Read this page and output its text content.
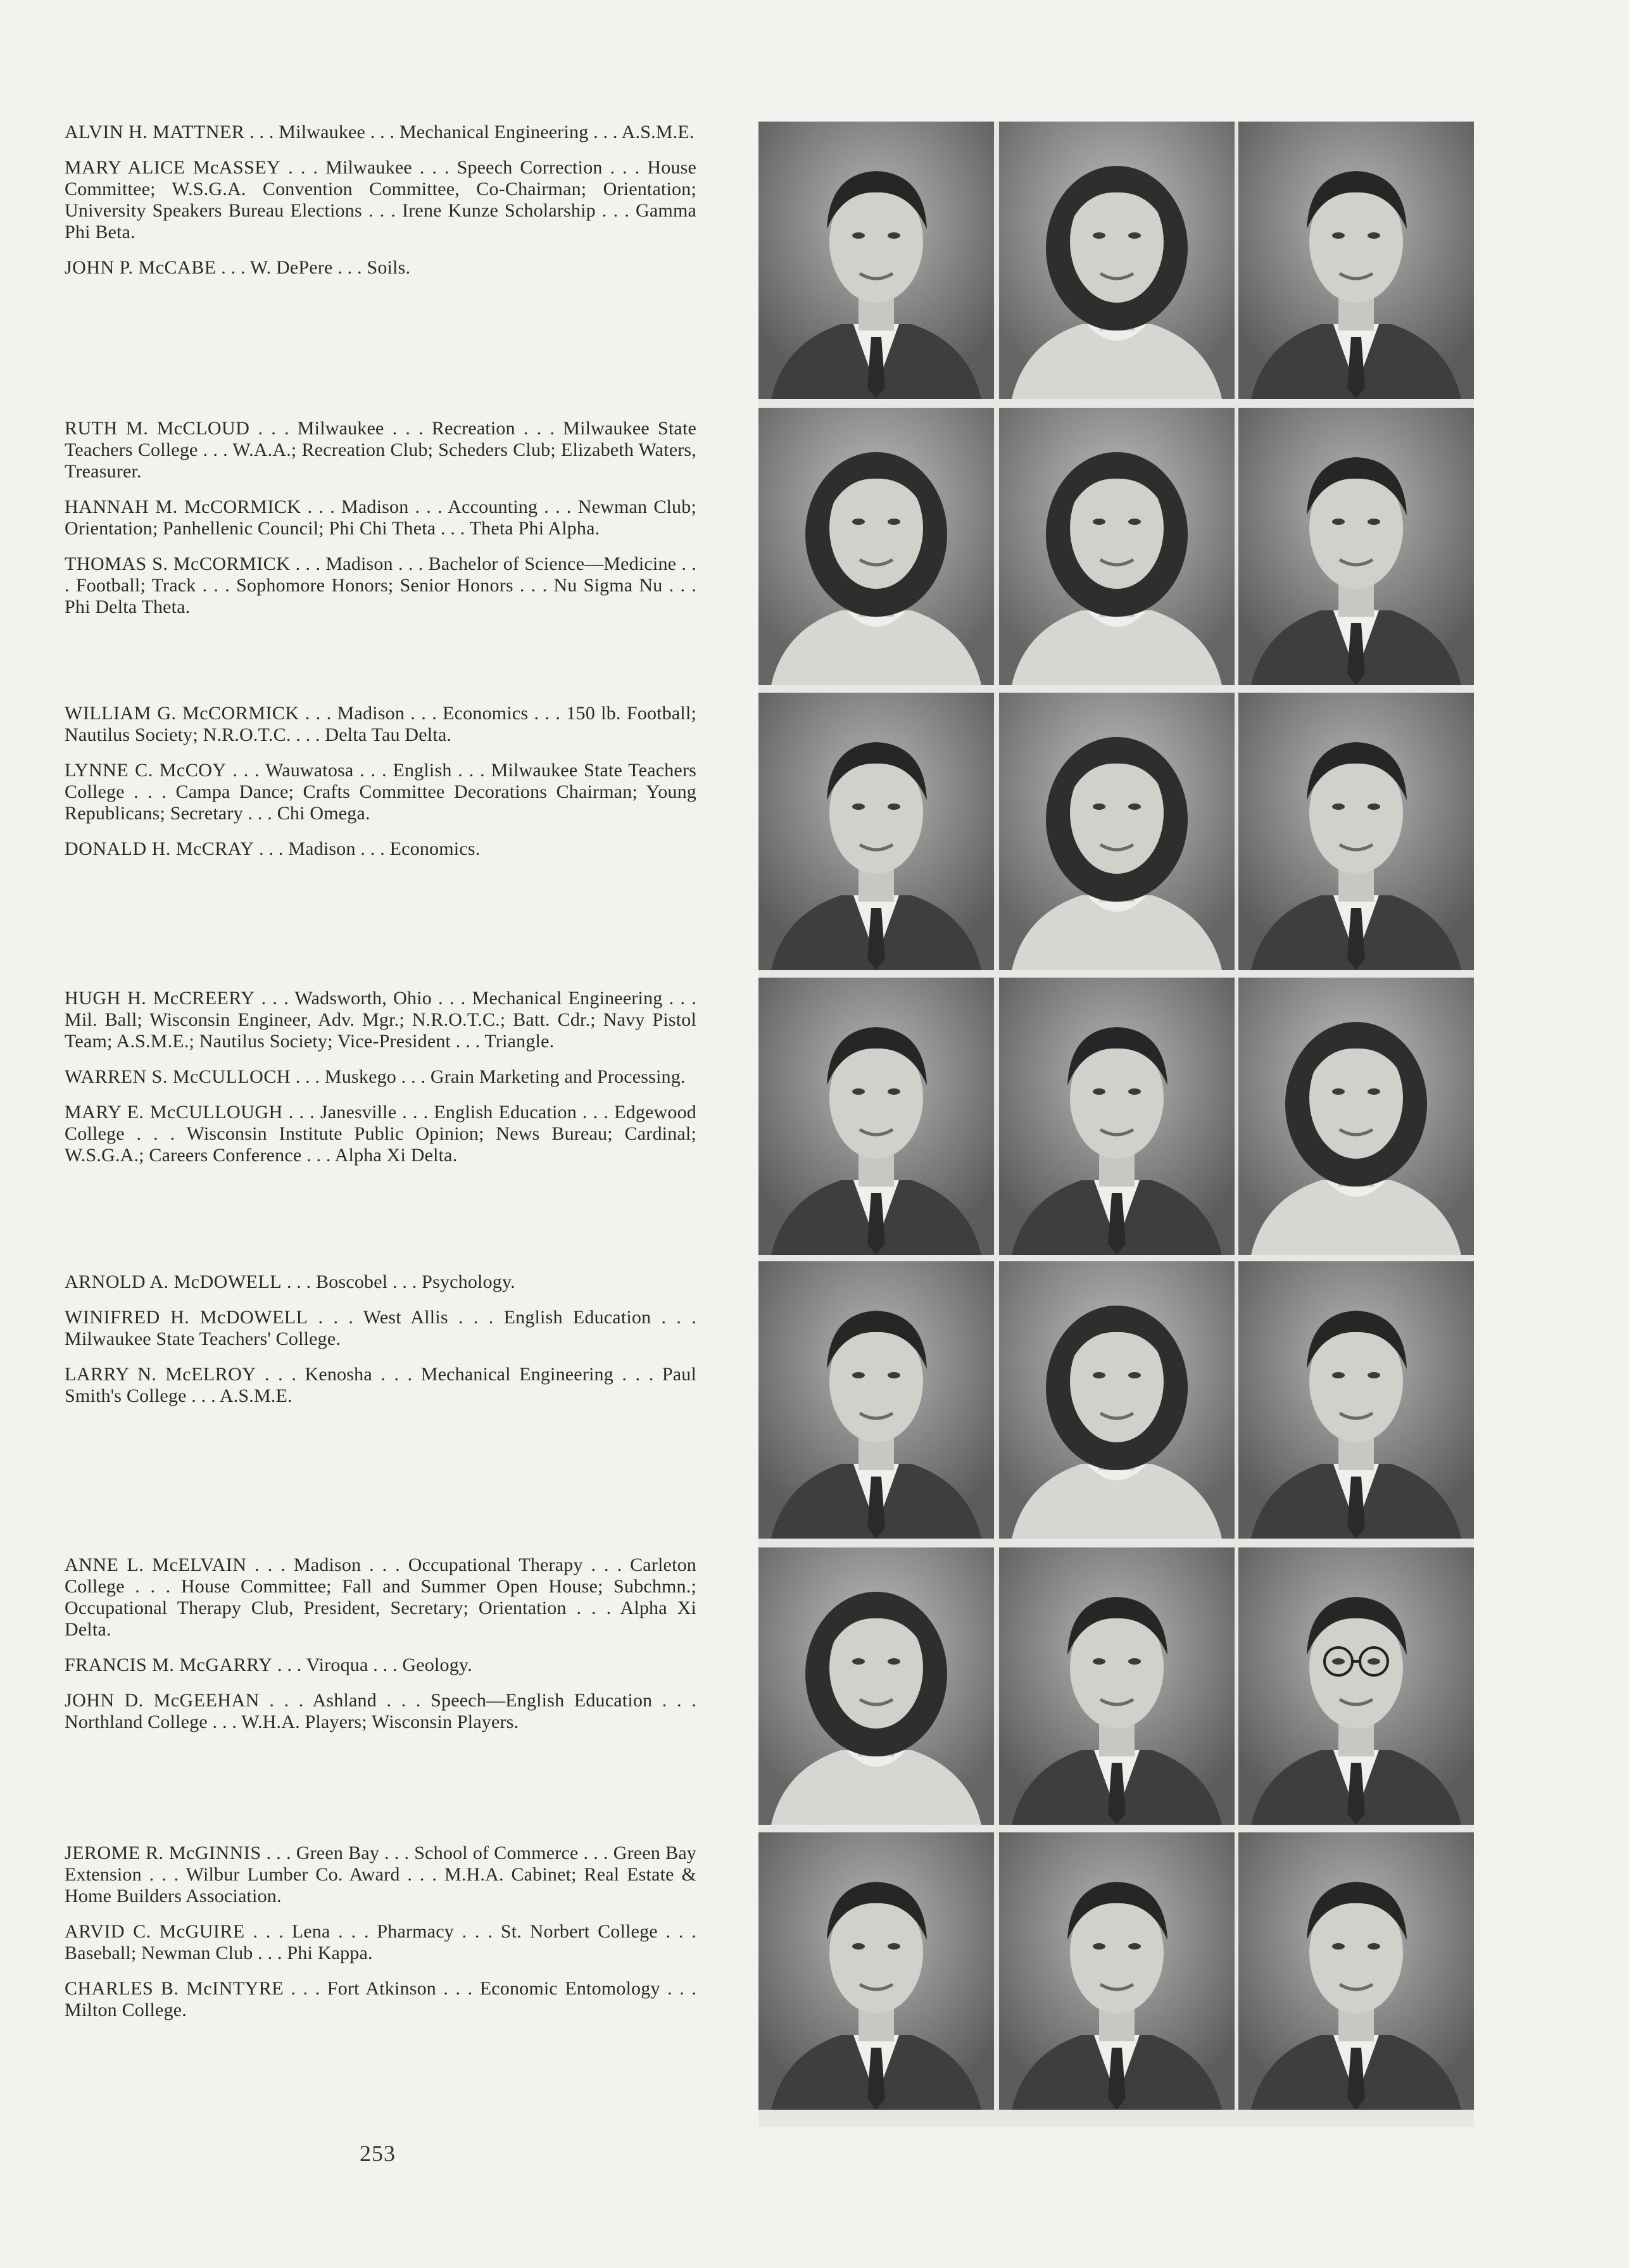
ALVIN H. MATTNER . . . Milwaukee . . . Mechanical Engineering . . . A.S.M.E.

MARY ALICE McASSEY . . . Milwaukee . . . Speech Correction . . . House Committee; W.S.G.A. Convention Committee, Co-Chairman; Orientation; University Speakers Bureau Elections . . . Irene Kunze Scholarship . . . Gamma Phi Beta.

JOHN P. McCABE . . . W. DePere . . . Soils.

RUTH M. McCLOUD . . . Milwaukee . . . Recreation . . . Milwaukee State Teachers College . . . W.A.A.; Recreation Club; Scheders Club; Elizabeth Waters, Treasurer.

HANNAH M. McCORMICK . . . Madison . . . Accounting . . . Newman Club; Orientation; Panhellenic Council; Phi Chi Theta . . . Theta Phi Alpha.

THOMAS S. McCORMICK . . . Madison . . . Bachelor of Science—Medicine . . . Football; Track . . . Sophomore Honors; Senior Honors . . . Nu Sigma Nu . . . Phi Delta Theta.

WILLIAM G. McCORMICK . . . Madison . . . Economics . . . 150 lb. Football; Nautilus Society; N.R.O.T.C. . . . Delta Tau Delta.

LYNNE C. McCOY . . . Wauwatosa . . . English . . . Milwaukee State Teachers College . . . Campa Dance; Crafts Committee Decorations Chairman; Young Republicans; Secretary . . . Chi Omega.

DONALD H. McCRAY . . . Madison . . . Economics.

HUGH H. McCREERY . . . Wadsworth, Ohio . . . Mechanical Engineering . . . Mil. Ball; Wisconsin Engineer, Adv. Mgr.; N.R.O.T.C.; Batt. Cdr.; Navy Pistol Team; A.S.M.E.; Nautilus Society; Vice-President . . . Triangle.

WARREN S. McCULLOCH . . . Muskego . . . Grain Marketing and Processing.

MARY E. McCULLOUGH . . . Janesville . . . English Education . . . Edgewood College . . . Wisconsin Institute Public Opinion; News Bureau; Cardinal; W.S.G.A.; Careers Conference . . . Alpha Xi Delta.

ARNOLD A. McDOWELL . . . Boscobel . . . Psychology.

WINIFRED H. McDOWELL . . . West Allis . . . English Education . . . Milwaukee State Teachers' College.

LARRY N. McELROY . . . Kenosha . . . Mechanical Engineering . . . Paul Smith's College . . . A.S.M.E.

ANNE L. McELVAIN . . . Madison . . . Occupational Therapy . . . Carleton College . . . House Committee; Fall and Summer Open House; Subchmn.; Occupational Therapy Club, President, Secretary; Orientation . . . Alpha Xi Delta.

FRANCIS M. McGARRY . . . Viroqua . . . Geology.

JOHN D. McGEEHAN . . . Ashland . . . Speech—English Education . . . Northland College . . . W.H.A. Players; Wisconsin Players.

JEROME R. McGINNIS . . . Green Bay . . . School of Commerce . . . Green Bay Extension . . . Wilbur Lumber Co. Award . . . M.H.A. Cabinet; Real Estate & Home Builders Association.

ARVID C. McGUIRE . . . Lena . . . Pharmacy . . . St. Norbert College . . . Baseball; Newman Club . . . Phi Kappa.

CHARLES B. McINTYRE . . . Fort Atkinson . . . Economic Entomology . . . Milton College.

253
